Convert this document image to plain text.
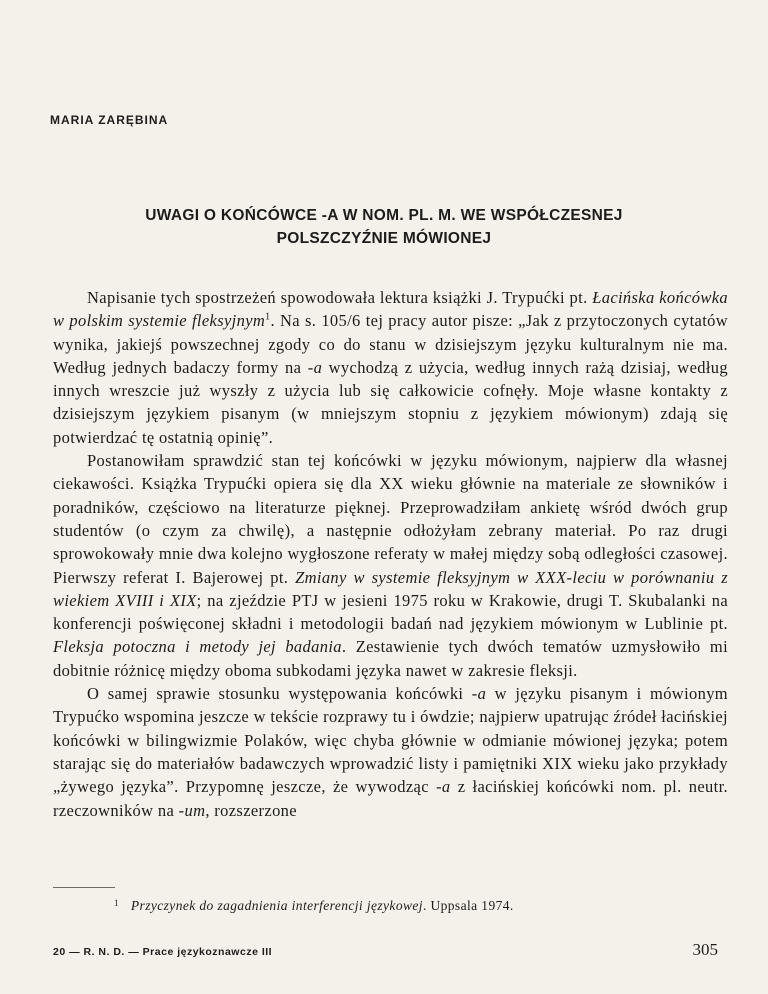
MARIA ZARĘBINA
UWAGI O KOŃCÓWCE -A W NOM. PL. M. WE WSPÓŁCZESNEJ
POLSZCZYŹNIE MÓWIONEJ

Napisanie tych spostrzeżeń spowodowała lektura książki J. Trypućki pt. Łacińska końcówka w polskim systemie fleksyjnym$^1$. Na s. 105/6 tej pracy autor pisze: „Jak z przytoczonych cytatów wynika, jakiejś powszechnej zgody co do stanu w dzisiejszym języku kulturalnym nie ma. Według jednych badaczy formy na -a wychodzą z użycia, według innych rażą dzisiaj, według innych wreszcie już wyszły z użycia lub się całkowicie cofnęły. Moje własne kontakty z dzisiejszym językiem pisanym (w mniejszym stopniu z językiem mówionym) zdają się potwierdzać tę ostatnią opinię”.

Postanowiłam sprawdzić stan tej końcówki w języku mówionym, najpierw dla własnej ciekawości. Książka Trypućki opiera się dla XX wieku głównie na materiale ze słowników i poradników, częściowo na literaturze pięknej. Przeprowadziłam ankietę wśród dwóch grup studentów (o czym za chwilę), a następnie odłożyłam zebrany materiał. Po raz drugi sprowokowały mnie dwa kolejno wygłoszone referaty w małej między sobą odległości czasowej. Pierwszy referat I. Bajerowej pt. Zmiany w systemie fleksyjnym w XXX-leciu w porównaniu z wiekiem XVIII i XIX; na zjeździe PTJ w jesieni 1975 roku w Krakowie, drugi T. Skubalanki na konferencji poświęconej składni i metodologii badań nad językiem mówionym w Lublinie pt. Fleksja potoczna i metody jej badania. Zestawienie tych dwóch tematów uzmysłowiło mi dobitnie różnicę między oboma subkodami języka nawet w zakresie fleksji.

O samej sprawie stosunku występowania końcówki -a w języku pisanym i mówionym Trypućko wspomina jeszcze w tekście rozprawy tu i ówdzie; najpierw upatrując źródeł łacińskiej końcówki w bilingwizmie Polaków, więc chyba głównie w odmianie mówionej języka; potem starając się do materiałów badawczych wprowadzić listy i pamiętniki XIX wieku jako przykłady „żywego języka”. Przypomnę jeszcze, że wywodząc -a z łacińskiej końcówki nom. pl. neutr. rzeczowników na -um, rozszerzone

$^1$ Przyczynek do zagadnienia interferencji językowej. Uppsala 1974.
20 — R. N. D. — Prace językoznawcze III	305
